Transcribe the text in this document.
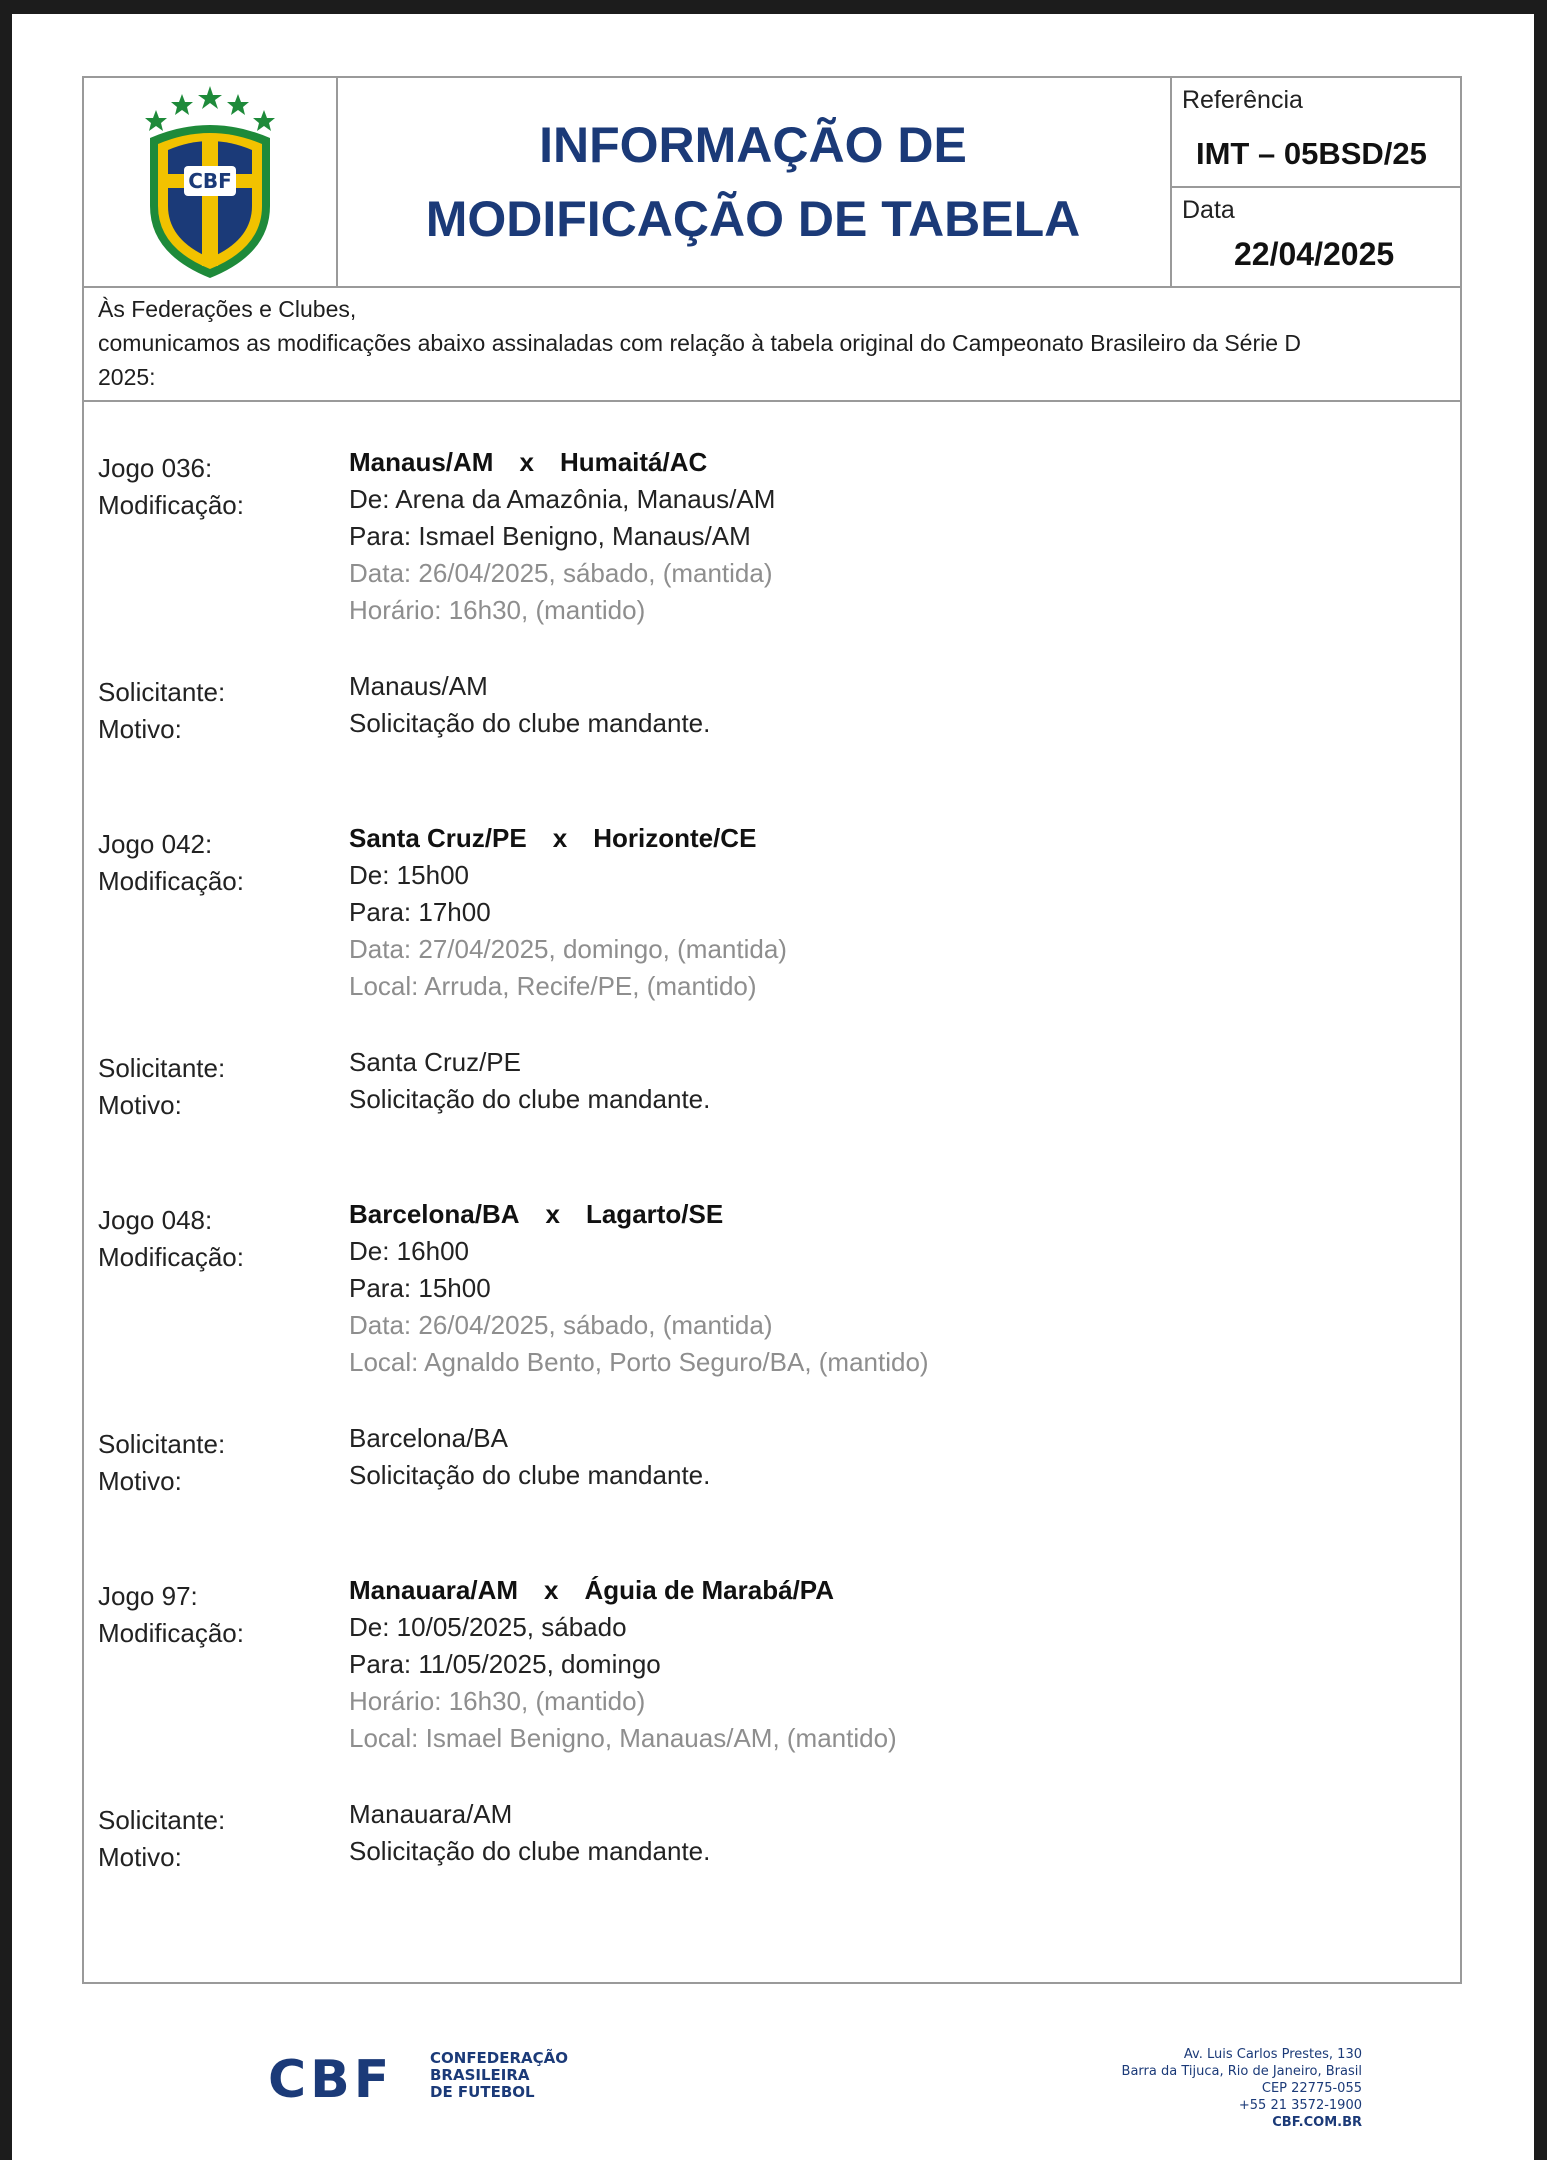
CBF
INFORMAÇÃO DE
MODIFICAÇÃO DE TABELA
Referência
IMT – 05BSD/25
Data
22/04/2025
Às Federações e Clubes,
comunicamos as modificações abaixo assinaladas com relação à tabela original do Campeonato Brasileiro da Série D
2025:
Jogo 036:
Modificação:
Manaus/AM x Humaitá/AC
De: Arena da Amazônia, Manaus/AM
Para: Ismael Benigno, Manaus/AM
Data: 26/04/2025, sábado, (mantida)
Horário: 16h30, (mantido)
Solicitante:
Motivo:
Manaus/AM
Solicitação do clube mandante.
Jogo 042:
Modificação:
Santa Cruz/PE x Horizonte/CE
De: 15h00
Para: 17h00
Data: 27/04/2025, domingo, (mantida)
Local: Arruda, Recife/PE, (mantido)
Solicitante:
Motivo:
Santa Cruz/PE
Solicitação do clube mandante.
Jogo 048:
Modificação:
Barcelona/BA x Lagarto/SE
De: 16h00
Para: 15h00
Data: 26/04/2025, sábado, (mantida)
Local: Agnaldo Bento, Porto Seguro/BA, (mantido)
Solicitante:
Motivo:
Barcelona/BA
Solicitação do clube mandante.
Jogo 97:
Modificação:
Manauara/AM x Águia de Marabá/PA
De: 10/05/2025, sábado
Para: 11/05/2025, domingo
Horário: 16h30, (mantido)
Local: Ismael Benigno, Manauas/AM, (mantido)
Solicitante:
Motivo:
Manauara/AM
Solicitação do clube mandante.
CBF CONFEDERAÇÃO
BRASILEIRA
DE FUTEBOL
Av. Luis Carlos Prestes, 130
Barra da Tijuca, Rio de Janeiro, Brasil
CEP 22775-055
+55 21 3572-1900
CBF.COM.BR
